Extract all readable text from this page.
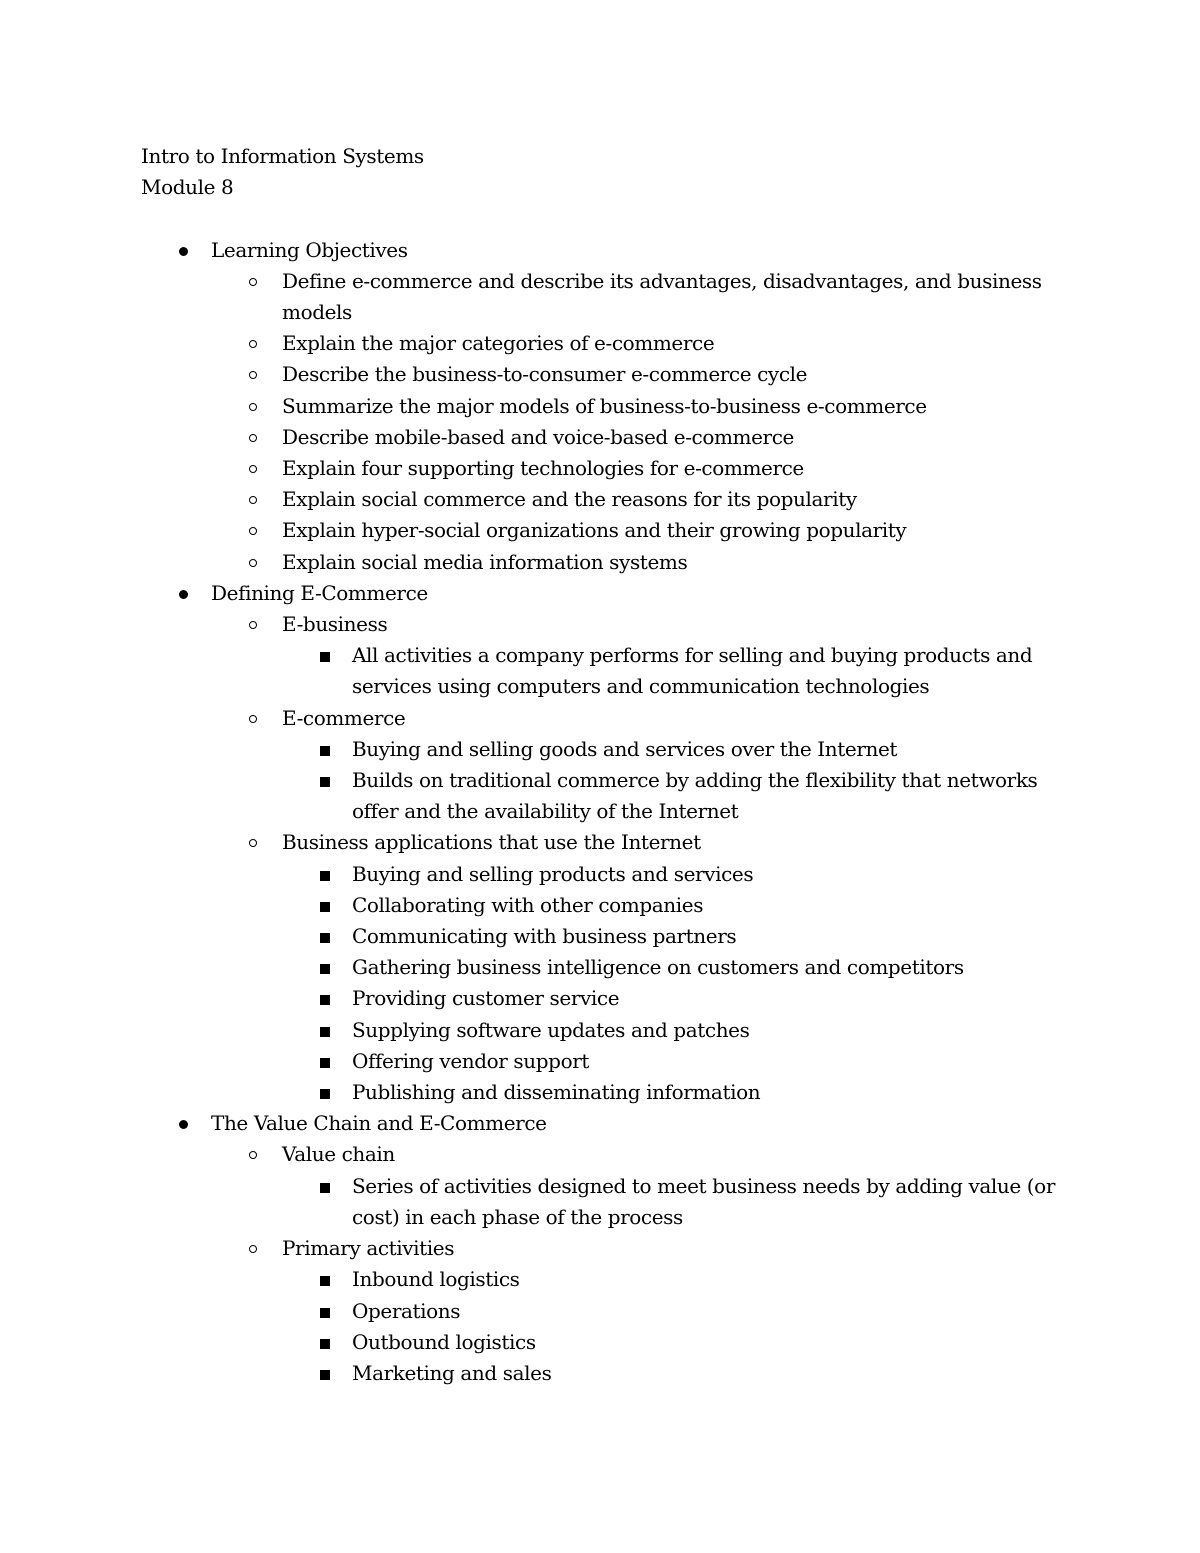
Intro to Information Systems
Module 8
Learning Objectives
Define e-commerce and describe its advantages, disadvantages, and business models
Explain the major categories of e-commerce
Describe the business-to-consumer e-commerce cycle
Summarize the major models of business-to-business e-commerce
Describe mobile-based and voice-based e-commerce
Explain four supporting technologies for e-commerce
Explain social commerce and the reasons for its popularity
Explain hyper-social organizations and their growing popularity
Explain social media information systems
Defining E-Commerce
E-business
All activities a company performs for selling and buying products and services using computers and communication technologies
E-commerce
Buying and selling goods and services over the Internet
Builds on traditional commerce by adding the flexibility that networks offer and the availability of the Internet
Business applications that use the Internet
Buying and selling products and services
Collaborating with other companies
Communicating with business partners
Gathering business intelligence on customers and competitors
Providing customer service
Supplying software updates and patches
Offering vendor support
Publishing and disseminating information
The Value Chain and E-Commerce
Value chain
Series of activities designed to meet business needs by adding value (or cost) in each phase of the process
Primary activities
Inbound logistics
Operations
Outbound logistics
Marketing and sales
